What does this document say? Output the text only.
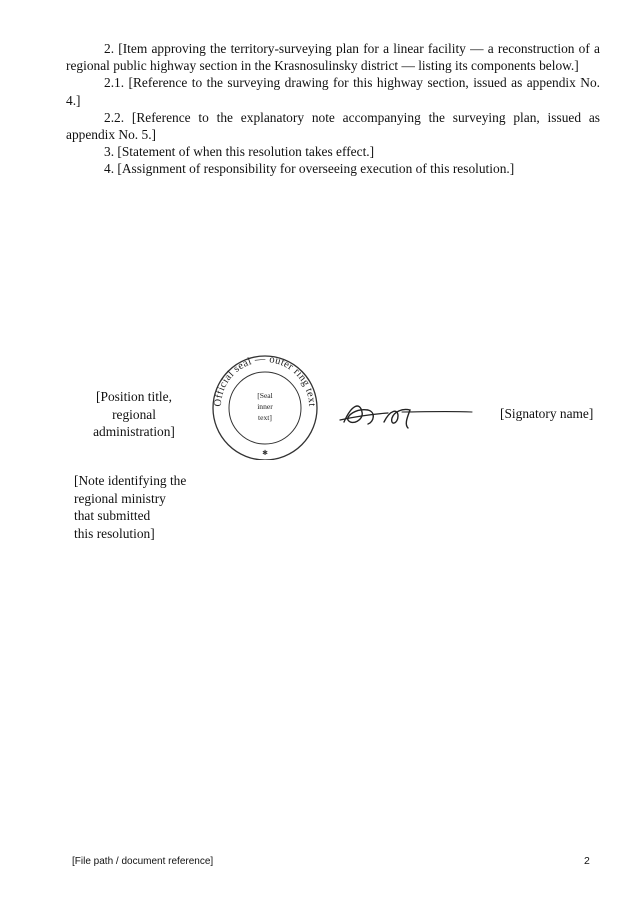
2. [Item approving the territory-surveying plan for a linear facility — a reconstruction of a regional public highway section in the Krasnosulinsky district — listing its components below.]

2.1. [Reference to the surveying drawing for this highway section, issued as appendix No. 4.]

2.2. [Reference to the explanatory note accompanying the surveying plan, issued as appendix No. 5.]

3. [Statement of when this resolution takes effect.]

4. [Assignment of responsibility for overseeing execution of this resolution.]

[Position title,
regional administration]
Official seal — outer ring text
[Seal
inner
text]
✱
[Signatory name]
[Note identifying the
regional ministry
that submitted
this resolution]
[File path / document reference]	2
